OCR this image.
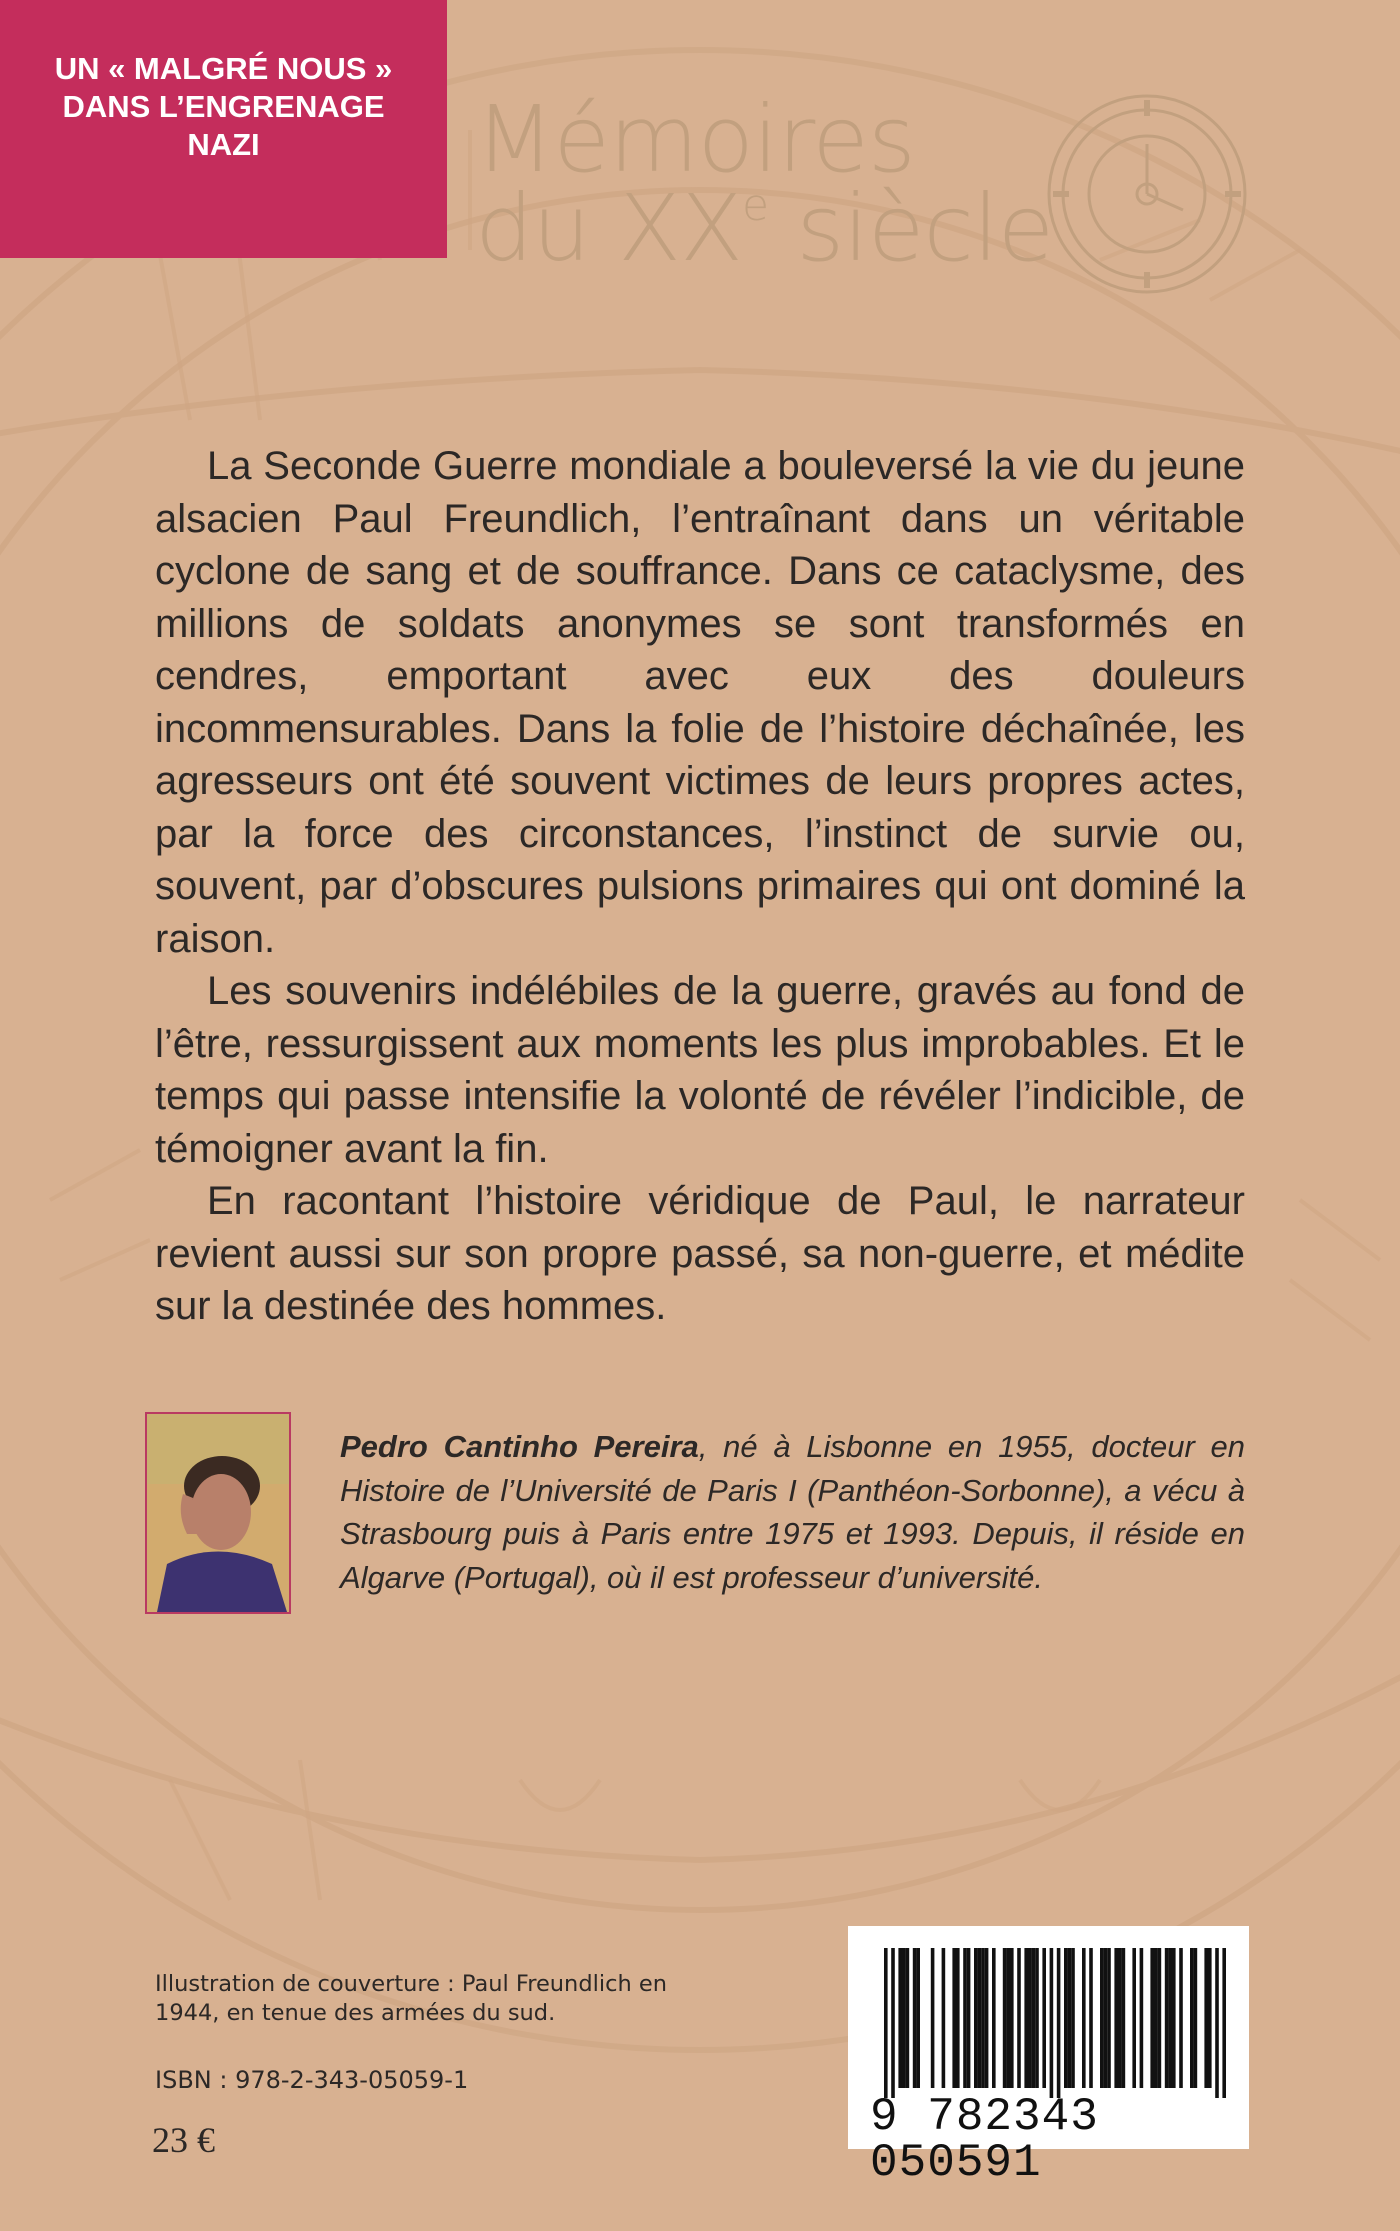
UN « MALGRÉ NOUS »
DANS L’ENGRENAGE
NAZI Mémoires
du XXe siècle

La Seconde Guerre mondiale a bouleversé la vie du jeune alsacien Paul Freundlich, l’entraînant dans un véritable cyclone de sang et de souffrance. Dans ce cataclysme, des millions de soldats anonymes se sont transformés en cendres, emportant avec eux des douleurs incommensurables. Dans la folie de l’histoire déchaînée, les agresseurs ont été souvent victimes de leurs propres actes, par la force des circonstances, l’instinct de survie ou, souvent, par d’obscures pulsions primaires qui ont dominé la raison.

Les souvenirs indélébiles de la guerre, gravés au fond de l’être, ressurgissent aux moments les plus improbables. Et le temps qui passe intensifie la volonté de révéler l’indicible, de témoigner avant la fin.

En racontant l’histoire véridique de Paul, le narrateur revient aussi sur son propre passé, sa non-guerre, et médite sur la destinée des hommes.

Pedro Cantinho Pereira, né à Lisbonne en 1955, docteur en Histoire de l’Université de Paris I (Panthéon-Sorbonne), a vécu à Strasbourg puis à Paris entre 1975 et 1993. Depuis, il réside en Algarve (Portugal), où il est professeur d’université.
Illustration de couverture : Paul Freundlich en 1944, en tenue des armées du sud.
ISBN : 978-2-343-05059-1
23 €	9 782343 050591
